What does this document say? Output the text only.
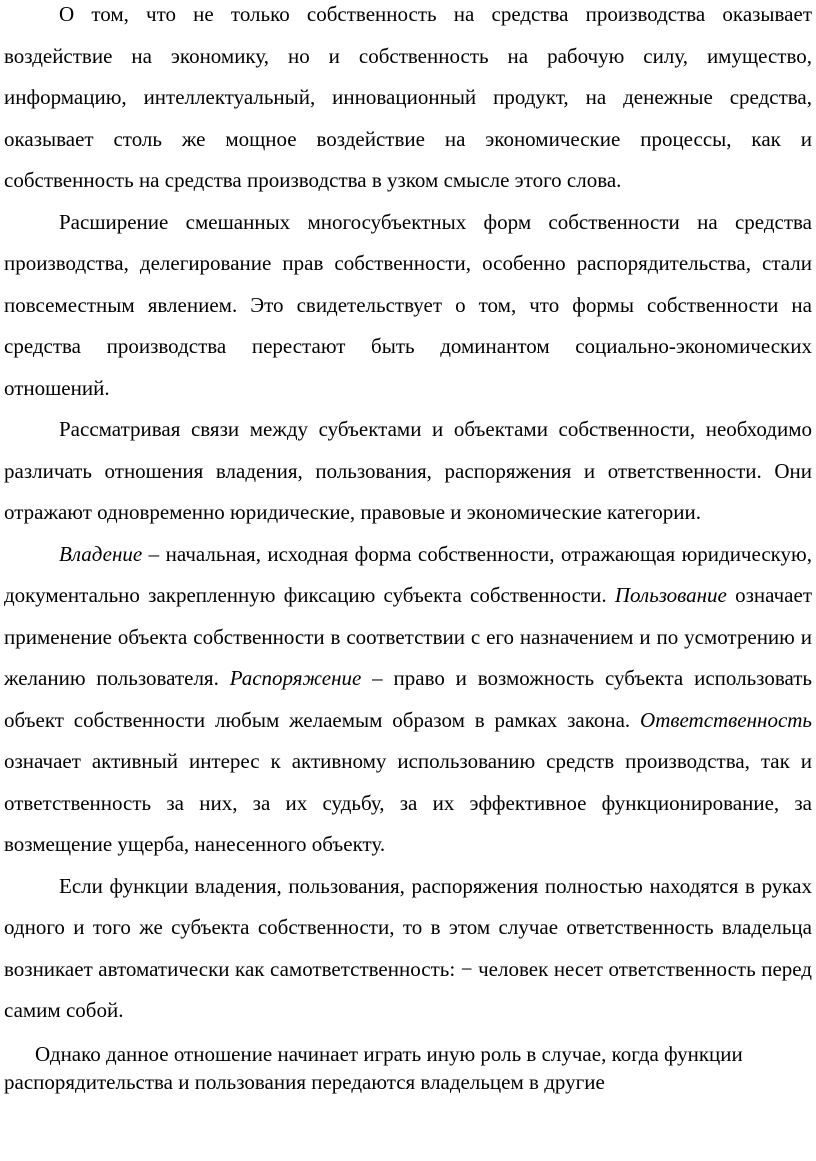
О том, что не только собственность на средства производства оказывает воздействие на экономику, но и собственность на рабочую силу, имущество, информацию, интеллектуальный, инновационный продукт, на денежные средства, оказывает столь же мощное воздействие на экономические процессы, как и собственность на средства производства в узком смысле этого слова.

Расширение смешанных многосубъектных форм собственности на средства производства, делегирование прав собственности, особенно распорядительства, стали повсеместным явлением. Это свидетельствует о том, что формы собственности на средства производства перестают быть доминантом социально-экономических отношений.

Рассматривая связи между субъектами и объектами собственности, необходимо различать отношения владения, пользования, распоряжения и ответственности. Они отражают одновременно юридические, правовые и экономические категории.

Владение – начальная, исходная форма собственности, отражающая юридическую, документально закрепленную фиксацию субъекта собственности. Пользование означает применение объекта собственности в соответствии с его назначением и по усмотрению и желанию пользователя. Распоряжение – право и возможность субъекта использовать объект собственности любым желаемым образом в рамках закона. Ответственность означает активный интерес к активному использованию средств производства, так и ответственность за них, за их судьбу, за их эффективное функционирование, за возмещение ущерба, нанесенного объекту.

Если функции владения, пользования, распоряжения полностью находятся в руках одного и того же субъекта собственности, то в этом случае ответственность владельца возникает автоматически как самответственность: − человек несет ответственность перед самим собой.

Однако данное отношение начинает играть иную роль в случае, когда функции распорядительства и пользования передаются владельцем в другие
